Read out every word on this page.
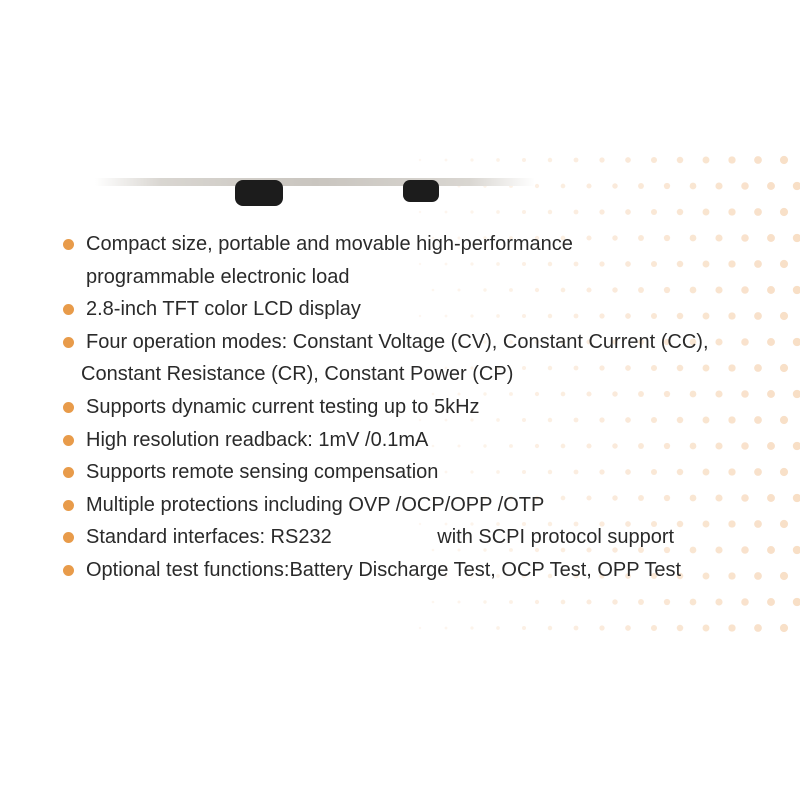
Compact size, portable and movable high-performance
programmable electronic load
2.8-inch TFT color LCD display
Four operation modes: Constant Voltage (CV), Constant Current (CC),
Constant Resistance (CR), Constant Power (CP)
Supports dynamic current testing up to 5kHz
High resolution readback: 1mV /0.1mA
Supports remote sensing compensation
Multiple protections including OVP /OCP/OPP /OTP
Standard interfaces: RS232	with SCPI protocol support
Optional test functions:Battery Discharge Test, OCP Test, OPP Test
